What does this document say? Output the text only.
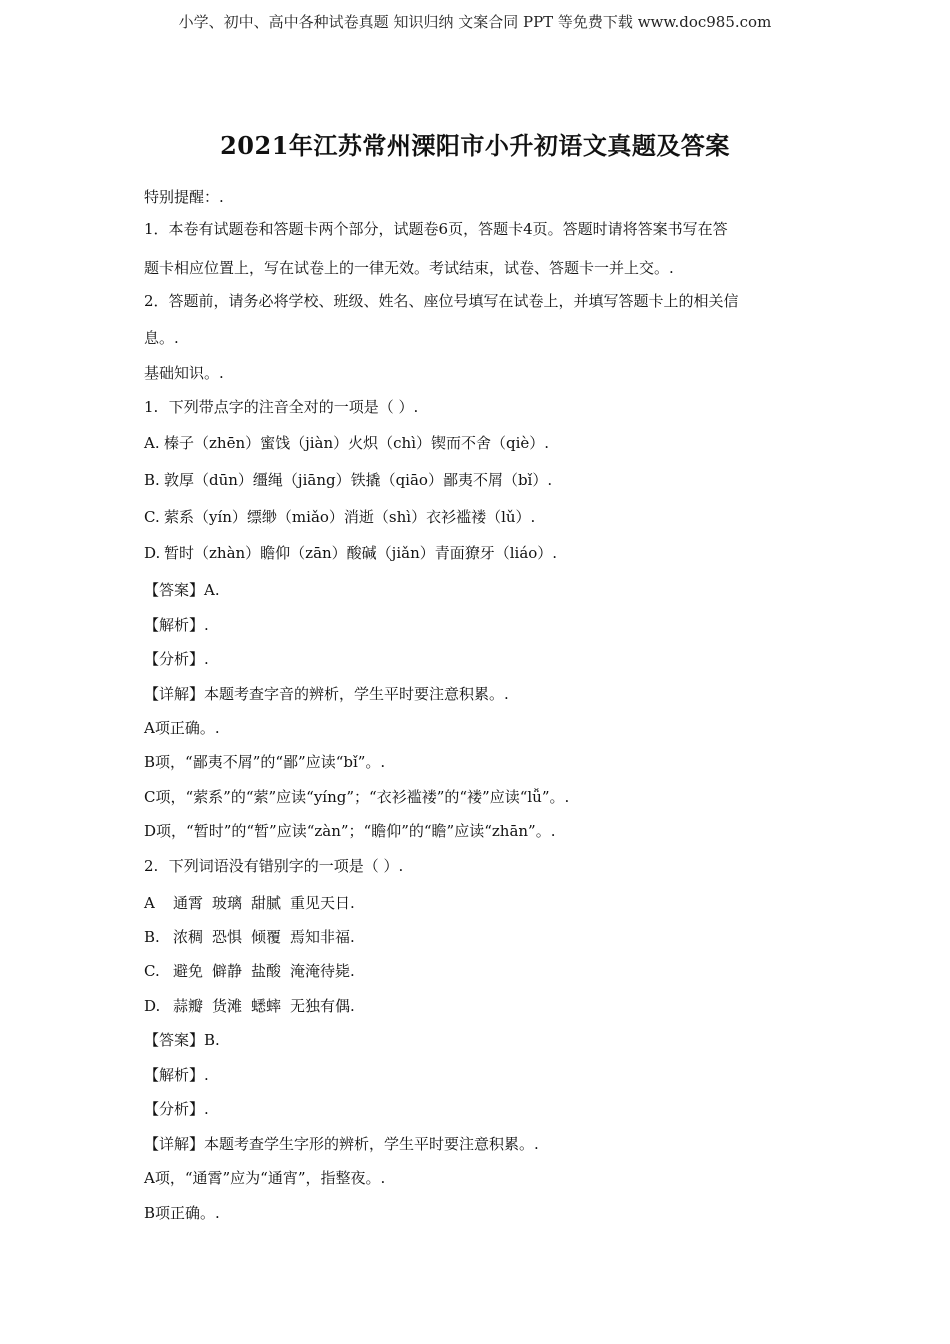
小学、初中、高中各种试卷真题 知识归纳 文案合同 PPT 等免费下载 www.doc985.com
2021年江苏常州溧阳市小升初语文真题及答案
特别提醒：.
1．本卷有试题卷和答题卡两个部分，试题卷6页，答题卡4页。答题时请将答案书写在答
题卡相应位置上，写在试卷上的一律无效。考试结束，试卷、答题卡一并上交。.
2．答题前，请务必将学校、班级、姓名、座位号填写在试卷上，并填写答题卡上的相关信
息。.
基础知识。.
1. 下列带点字的注音全对的一项是（ ）.
A. 榛子（zhēn）蜜饯（jiàn）火炽（chì）锲而不舍（qiè）.
B. 敦厚（dūn）缰绳（jiāng）铁撬（qiāo）鄙夷不屑（bǐ）.
C. 萦系（yín）缥缈（miǎo）消逝（shì）衣衫褴褛（lǔ）.
D. 暂时（zhàn）瞻仰（zān）酸碱（jiǎn）青面獠牙（liáo）.
【答案】A.
【解析】.
【分析】.
【详解】本题考查字音的辨析，学生平时要注意积累。.
A项正确。.
B项，“鄙夷不屑”的“鄙”应读“bǐ”。.
C项，“萦系”的“萦”应读“yíng”；“衣衫褴褛”的“褛”应读“lǚ”。.
D项，“暂时”的“暂”应读“zàn”；“瞻仰”的“瞻”应读“zhān”。.
2. 下列词语没有错别字的一项是（ ）.
A 通霄 玻璃 甜腻 重见天日.
B. 浓稠 恐惧 倾覆 焉知非福.
C. 避免 僻静 盐酸 淹淹待毙.
D. 蒜瓣 货滩 蟋蟀 无独有偶.
【答案】B.
【解析】.
【分析】.
【详解】本题考查学生字形的辨析，学生平时要注意积累。.
A项，“通霄”应为“通宵”，指整夜。.
B项正确。.
